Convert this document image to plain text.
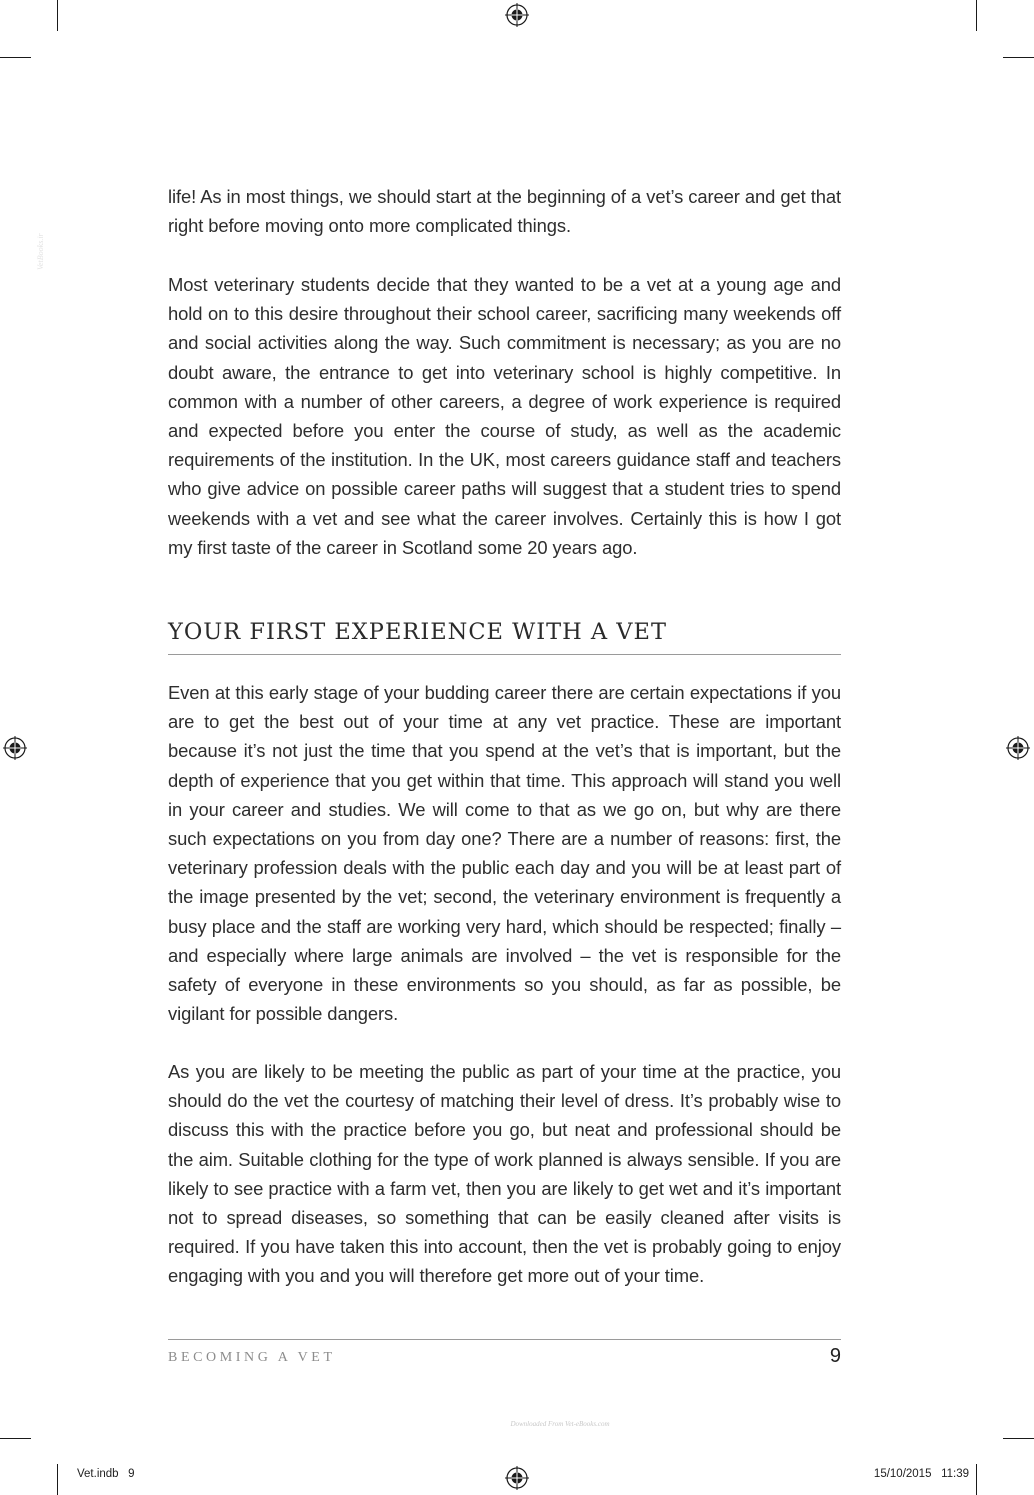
VetBooks.ir

life! As in most things, we should start at the beginning of a vet’s career and get that right before moving onto more complicated things.

Most veterinary students decide that they wanted to be a vet at a young age and hold on to this desire throughout their school career, sacrificing many weekends off and social activities along the way. Such commitment is necessary; as you are no doubt aware, the entrance to get into veterinary school is highly competitive. In common with a number of other careers, a degree of work experience is required and expected before you enter the course of study, as well as the academic requirements of the institution. In the UK, most careers guidance staff and teachers who give advice on possible career paths will suggest that a student tries to spend weekends with a vet and see what the career involves. Certainly this is how I got my first taste of the career in Scotland some 20 years ago.

YOUR FIRST EXPERIENCE WITH A VET

Even at this early stage of your budding career there are certain expectations if you are to get the best out of your time at any vet practice. These are important because it’s not just the time that you spend at the vet’s that is important, but the depth of experience that you get within that time. This approach will stand you well in your career and studies. We will come to that as we go on, but why are there such expectations on you from day one? There are a number of reasons: first, the veterinary profession deals with the public each day and you will be at least part of the image presented by the vet; second, the veterinary environment is frequently a busy place and the staff are working very hard, which should be respected; finally – and especially where large animals are involved – the vet is responsible for the safety of everyone in these environments so you should, as far as possible, be vigilant for possible dangers.

As you are likely to be meeting the public as part of your time at the practice, you should do the vet the courtesy of matching their level of dress. It’s probably wise to discuss this with the practice before you go, but neat and professional should be the aim. Suitable clothing for the type of work planned is always sensible. If you are likely to see practice with a farm vet, then you are likely to get wet and it’s important not to spread diseases, so something that can be easily cleaned after visits is required. If you have taken this into account, then the vet is probably going to enjoy engaging with you and you will therefore get more out of your time.

BECOMING A VET	9
Downloaded From Vet-eBooks.com
Vet.indb   9	15/10/2015   11:39
